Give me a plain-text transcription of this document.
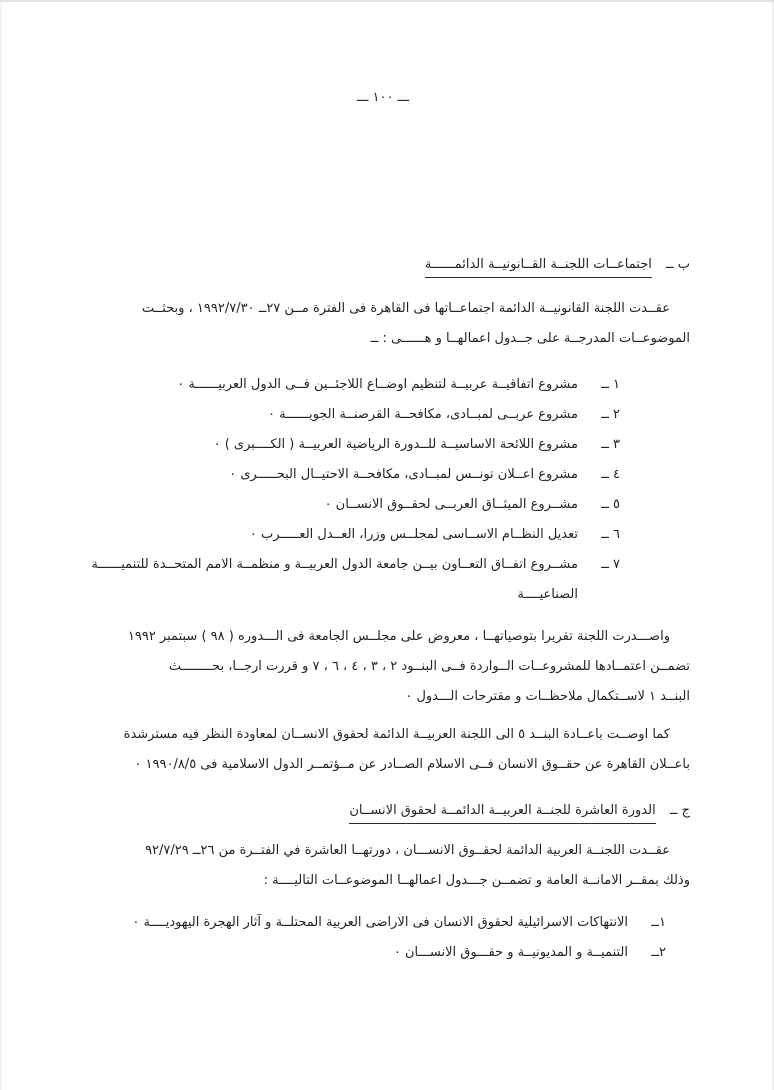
ـــ ١٠٠ ـــ
ب ــ اجتماعــات اللجنــة القــانونيــة الدائمــــــة
عقــدت اللجنة القانونيــة الدائمة اجتماعــاتها فى القاهرة فى الفترة مــن ٢٧ــ ١٩٩٢/٧/٣٠ ، وبحثــت
الموضوعــات المدرجــة على جــدول اعمالهــا و هــــــى : ــ
١ ــ
مشروع اتفاقيــة عربيــة لتنظيم اوضــاع اللاجئــين فــى الدول العربيــــــة ٠
٢ ــ
مشروع عربــى لمبــادى، مكافحــة القرصنــة الجويــــــة ٠
٣ ــ
مشروع اللائحة الاساسيــة للــدورة الرياضية العربيــة ( الكــــبرى ) ٠
٤ ــ
مشروع اعــلان تونــس لمبــادى، مكافحــة الاحتيــال البحـــــرى ٠
٥ ــ
مشــروع الميثــاق العربــى لحقــوق الانســان ٠
٦ ــ
تعديل النظــام الاســاسى لمجلــس وزرا، العــدل العـــــرب ٠
٧ ــ
مشــروع اتفــاق التعــاون بيــن جامعة الدول العربيــة و منظمــة الامم المتحــدة للتنميــــــة
الصناعيــــة
واصـــدرت اللجنة تقريرا بتوصياتهــا ، معروض على مجلــس الجامعة فى الـــدوره ( ٩٨ ) سبتمبر ١٩٩٢
تضمــن اعتمــادها للمشروعــات الــواردة فــى البنــود ٢ ، ٣ ، ٤ ، ٦ ، ٧ و قررت ارجــا، بحــــــــث
البنــد ١ لاســتكمال ملاحظــات و مقترحات الـــدول ٠
كما اوصــت باعــادة البنــد ٥ الى اللجنة العربيــة الدائمة لحقوق الانســان لمعاودة النظر فيه مسترشدة
باعــلان القاهرة عن حقــوق الانسان فــى الاسلام الصــادر عن مــؤتمــر الدول الاسلامية فى ١٩٩٠/٨/٥ ٠
ج ــ الدورة العاشرة للجنــة العربيــة الدائمــة لحقوق الانســان
عقــدت اللجنــة العربية الدائمة لحقــوق الانســـان ، دورتهــا العاشرة في الفتــرة من ٢٦ــ ٩٢/٧/٢٩
وذلك بمقــر الامانــة العامة و تضمــن جـــدول اعمالهــا الموضوعــات التاليــــة :
١ــ
الانتهاكات الاسرائيلية لحقوق الانسان فى الاراضى العربية المحتلــة و آثار الهجرة اليهوديــــة ٠
٢ــ
التنميــة و المديونيــة و حقـــوق الانســـان ٠
